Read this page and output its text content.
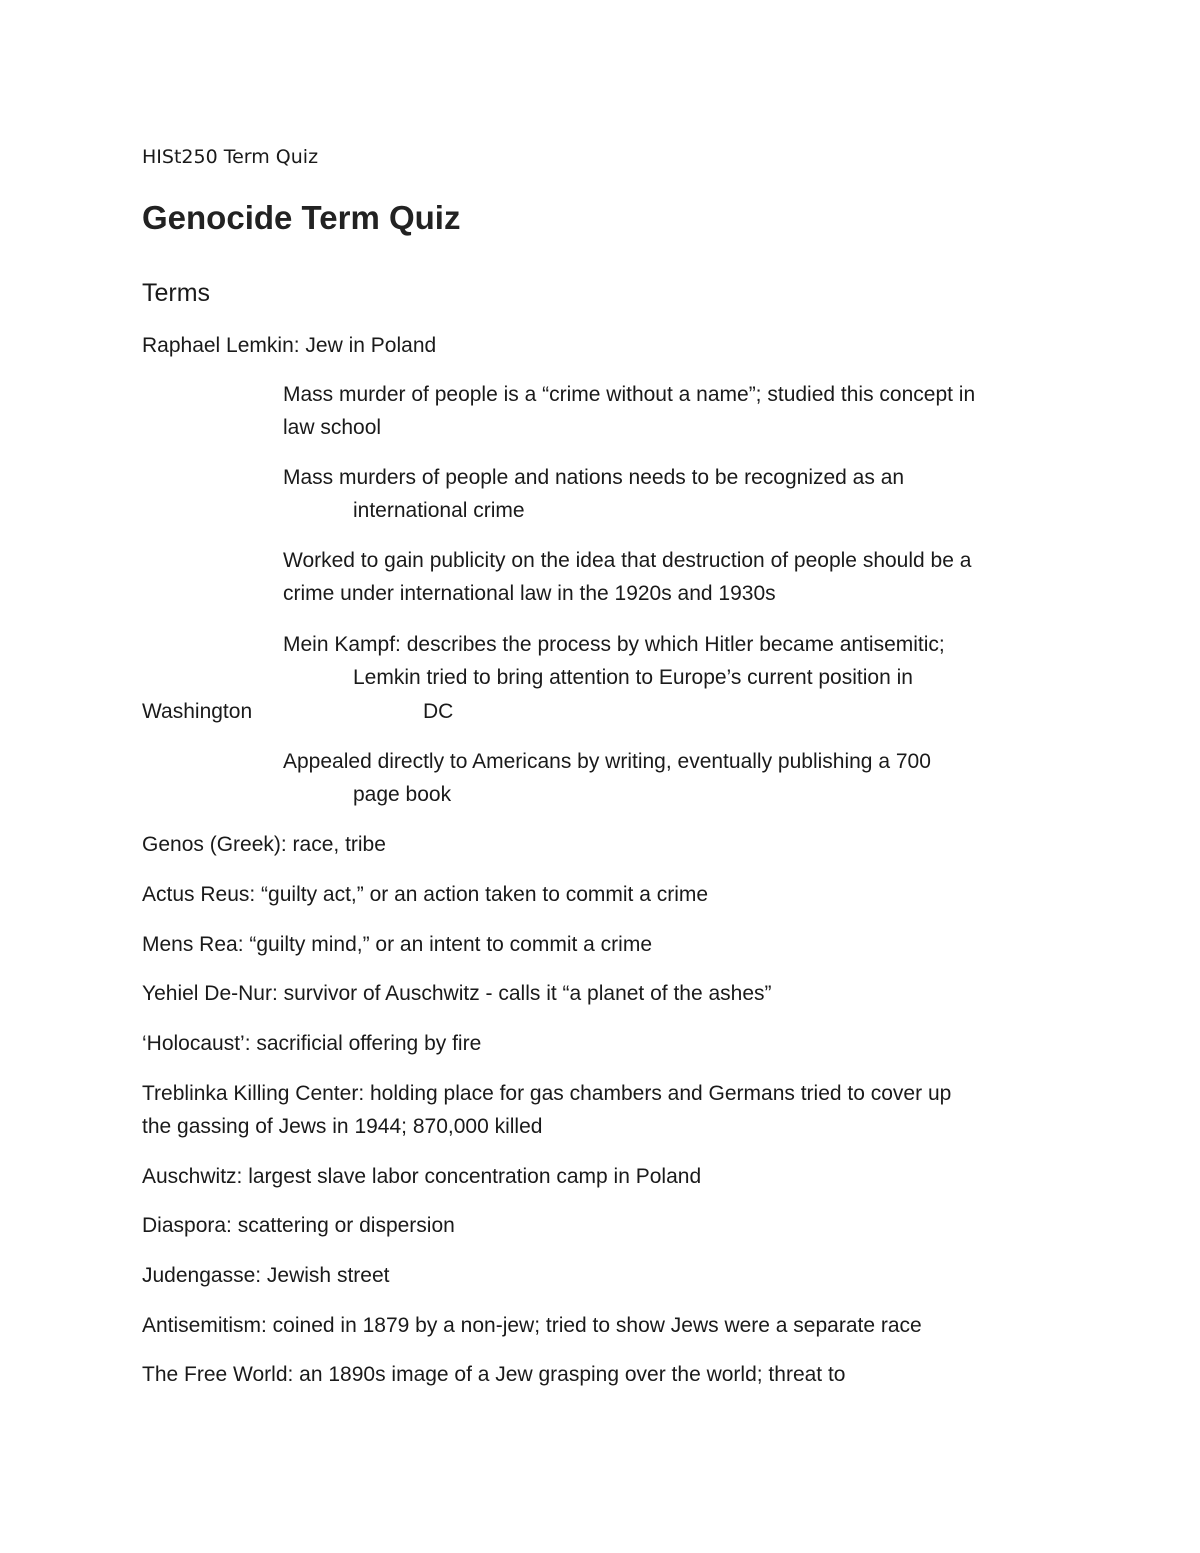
HISt250 Term Quiz
Genocide Term Quiz
Terms
Raphael Lemkin: Jew in Poland
Mass murder of people is a “crime without a name”; studied this concept in
law school
Mass murders of people and nations needs to be recognized as an
international crime
Worked to gain publicity on the idea that destruction of people should be a
crime under international law in the 1920s and 1930s
Mein Kampf: describes the process by which Hitler became antisemitic;
Lemkin tried to bring attention to Europe’s current position in
Washington	DC
Appealed directly to Americans by writing, eventually publishing a 700
page book
Genos (Greek): race, tribe
Actus Reus: “guilty act,” or an action taken to commit a crime
Mens Rea: “guilty mind,” or an intent to commit a crime
Yehiel De-Nur: survivor of Auschwitz - calls it “a planet of the ashes”
‘Holocaust’: sacrificial offering by fire
Treblinka Killing Center: holding place for gas chambers and Germans tried to cover up
the gassing of Jews in 1944; 870,000 killed
Auschwitz: largest slave labor concentration camp in Poland
Diaspora: scattering or dispersion
Judengasse: Jewish street
Antisemitism: coined in 1879 by a non-jew; tried to show Jews were a separate race
The Free World: an 1890s image of a Jew grasping over the world; threat to
